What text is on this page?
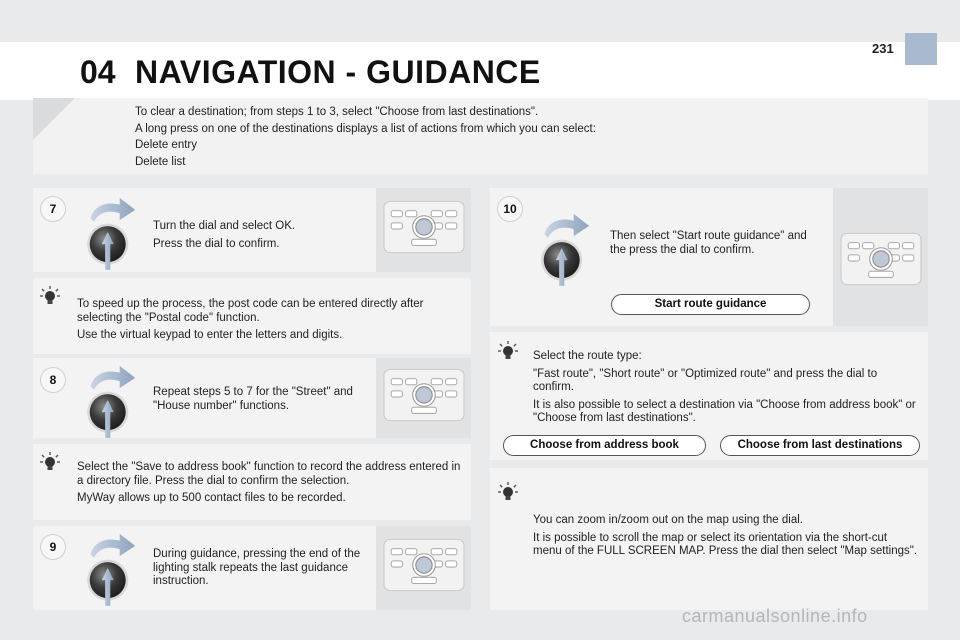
04 NAVIGATION - GUIDANCE
231
To clear a destination; from steps 1 to 3, select "Choose from last destinations".
A long press on one of the destinations displays a list of actions from which you can select:
Delete entry
Delete list
7

Turn the dial and select OK.

Press the dial to confirm.

To speed up the process, the post code can be entered directly after selecting the "Postal code" function.

Use the virtual keypad to enter the letters and digits.

8

Repeat steps 5 to 7 for the "Street" and "House number" functions.

Select the "Save to address book" function to record the address entered in a directory file. Press the dial to confirm the selection.

MyWay allows up to 500 contact files to be recorded.

9	During guidance, pressing the end of the lighting stalk repeats the last guidance instruction.

10

Then select "Start route guidance" and the press the dial to confirm.

Start route guidance

Select the route type:

"Fast route", "Short route" or "Optimized route" and press the dial to confirm.

It is also possible to select a destination via "Choose from address book" or "Choose from last destinations".

Choose from address book	Choose from last destinations

You can zoom in/zoom out on the map using the dial.

It is possible to scroll the map or select its orientation via the short-cut menu of the FULL SCREEN MAP. Press the dial then select "Map settings".

carmanualsonline.info
